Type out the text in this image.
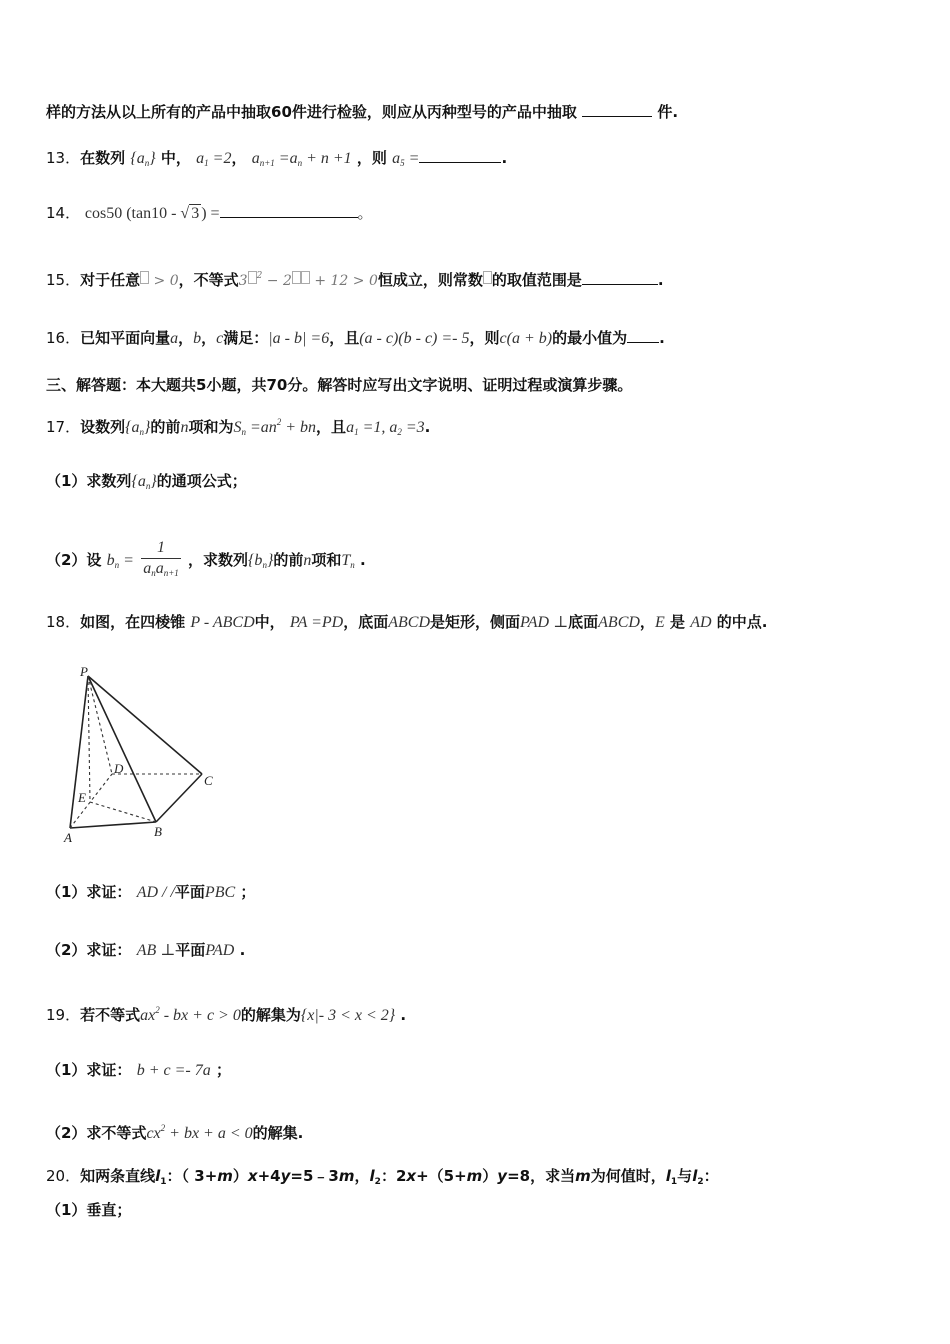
样的方法从以上所有的产品中抽取60件进行检验，则应从丙种型号的产品中抽取	件.
13．在数列 $\{a_n\}$ 中， $a_1 =2$， $a_{n+1} =a_n + n +1$ ，则 $a_5$ =	.
14． cos50 (tan10 - √ 3 ) =	。
15．对于任意 > 0，不等式3 $^2$ − 2 + 12 > 0恒成立，则常数 的取值范围是	.
16．已知平面向量a，b，c满足：|a - b| =6，且(a - c)(b - c) =- 5，则c(a + b)的最小值为 .
三、解答题：本大题共5小题，共70分。解答时应写出文字说明、证明过程或演算步骤。
17．设数列$\{a_n\}$的前n项和为$S_n =an^2$ + bn，且$a_1 =1$, $a_2 =3$.
（1）求数列$\{a_n\}$的通项公式；
（2）设 $b_n = \frac{1}{a_na_{n+1}}$ ，求数列$\{b_n\}$的前n项和$T_n$ .
18．如图，在四棱锥 P - ABCD中， PA =PD，底面ABCD是矩形，侧面PAD ⊥底面ABCD，E 是 AD 的中点.
P
D
C
E
A	B
（1）求证： AD / /平面PBC ；
（2）求证： AB ⊥平面PAD .
19．若不等式$ax^2$ - bx + c > 0的解集为{x|- 3 < x < 2} .
（1）求证： b + c =- 7a ；
（2）求不等式$cx^2$ + bx + a < 0的解集.
20．知两条直线$l_1$：（ 3+m）x+4y=5﹣3m，$l_2$：2x+（5+m）y=8，求当m为何值时，$l_1$与$l_2$：
（1）垂直；
